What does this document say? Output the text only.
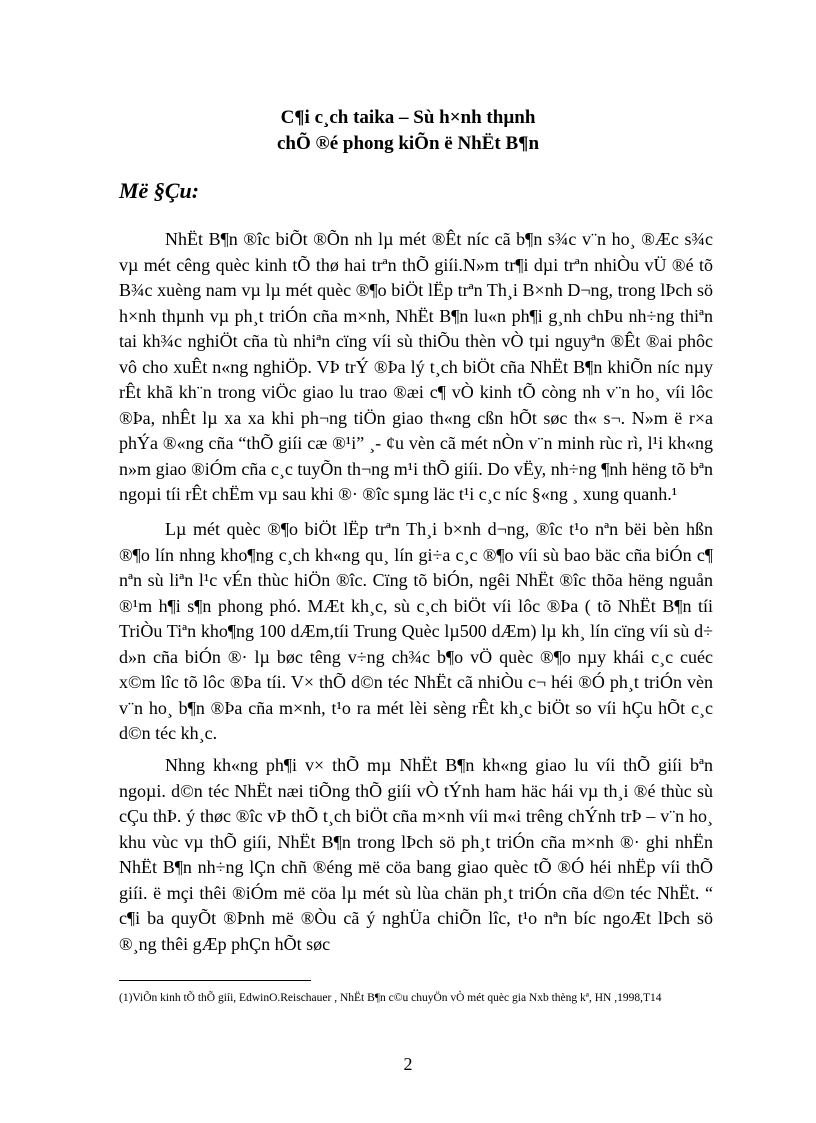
C¶i c¸ch taika – Sù h×nh thµnh
chÕ ®é phong kiÕn ë NhËt B¶n
Më §Çu:

NhËt B¶n ®îc biÕt ®Õn nh lµ mét ®Êt níc cã b¶n s¾c v¨n ho¸ ®Æc s¾c vµ mét cêng quèc kinh tÕ thø hai trªn thÕ giíi.N»m tr¶i dµi trªn nhiÒu vÜ ®é tõ B¾c xuèng nam vµ lµ mét quèc ®¶o biÖt lËp trªn Th¸i B×nh D¬ng, trong lÞch sö h×nh thµnh vµ ph¸t triÓn cña m×nh, NhËt B¶n lu«n ph¶i g¸nh chÞu nh÷ng thiªn tai kh¾c nghiÖt cña tù nhiªn cïng víi sù thiÕu thèn vÒ tµi nguyªn ®Êt ®ai phôc vô cho xuÊt n«ng nghiÖp. VÞ trÝ ®Þa lý t¸ch biÖt cña NhËt B¶n khiÕn níc nµy rÊt khã kh¨n trong viÖc giao lu trao ®æi c¶ vÒ kinh tÕ còng nh v¨n ho¸ víi lôc ®Þa, nhÊt lµ xa xa khi ph¬ng tiÖn giao th«ng cßn hÕt søc th« s¬. N»m ë r×a phÝa ®«ng cña “thÕ giíi cæ ®¹i” ¸- ¢u vèn cã mét nÒn v¨n minh rùc rì, l¹i kh«ng n»m giao ®iÓm cña c¸c tuyÕn th¬ng m¹i thÕ giíi. Do vËy, nh÷ng ¶nh hëng tõ bªn ngoµi tíi rÊt chËm vµ sau khi ®· ®îc sµng läc t¹i c¸c níc §«ng ¸ xung quanh.¹

Lµ mét quèc ®¶o biÖt lËp trªn Th¸i b×nh d¬ng, ®îc t¹o nªn bëi bèn hßn ®¶o lín nhng kho¶ng c¸ch kh«ng qu¸ lín gi÷a c¸c ®¶o víi sù bao bäc cña biÓn c¶ nªn sù liªn l¹c vÉn thùc hiÖn ®îc. Cïng tõ biÓn, ngêi NhËt ®îc thõa hëng nguån ®¹m h¶i s¶n phong phó. MÆt kh¸c, sù c¸ch biÖt víi lôc ®Þa ( tõ NhËt B¶n tíi TriÒu Tiªn kho¶ng 100 dÆm,tíi Trung Quèc lµ500 dÆm) lµ kh¸ lín cïng víi sù d÷ d»n cña biÓn ®· lµ bøc têng v÷ng ch¾c b¶o vÖ quèc ®¶o nµy khái c¸c cuéc x©m lîc tõ lôc ®Þa tíi. V× thÕ d©n téc NhËt cã nhiÒu c¬ héi ®Ó ph¸t triÓn vèn v¨n ho¸ b¶n ®Þa cña m×nh, t¹o ra mét lèi sèng rÊt kh¸c biÖt so víi hÇu hÕt c¸c d©n téc kh¸c.

Nhng kh«ng ph¶i v× thÕ mµ NhËt B¶n kh«ng giao lu víi thÕ giíi bªn ngoµi. d©n téc NhËt næi tiÕng thÕ giíi vÒ tÝnh ham häc hái vµ th¸i ®é thùc sù cÇu thÞ. ý thøc ®îc vÞ thÕ t¸ch biÖt cña m×nh víi m«i trêng chÝnh trÞ – v¨n ho¸ khu vùc vµ thÕ giíi, NhËt B¶n trong lÞch sö ph¸t triÓn cña m×nh ®· ghi nhËn NhËt B¶n nh÷ng lÇn chñ ®éng më cöa bang giao quèc tÕ ®Ó héi nhËp víi thÕ giíi. ë mçi thêi ®iÓm më cöa lµ mét sù lùa chän ph¸t triÓn cña d©n téc NhËt. “ c¶i ba quyÕt ®Þnh më ®Òu cã ý nghÜa chiÕn lîc, t¹o nªn bíc ngoÆt lÞch sö ®¸ng thêi gÆp phÇn hÕt søc

(1)ViÕn kinh tÕ thÕ giíi, EdwinO.Reischauer , NhËt B¶n c©u chuyÖn vÒ mét quèc gia Nxb thèng kª, HN ,1998,T14

2
